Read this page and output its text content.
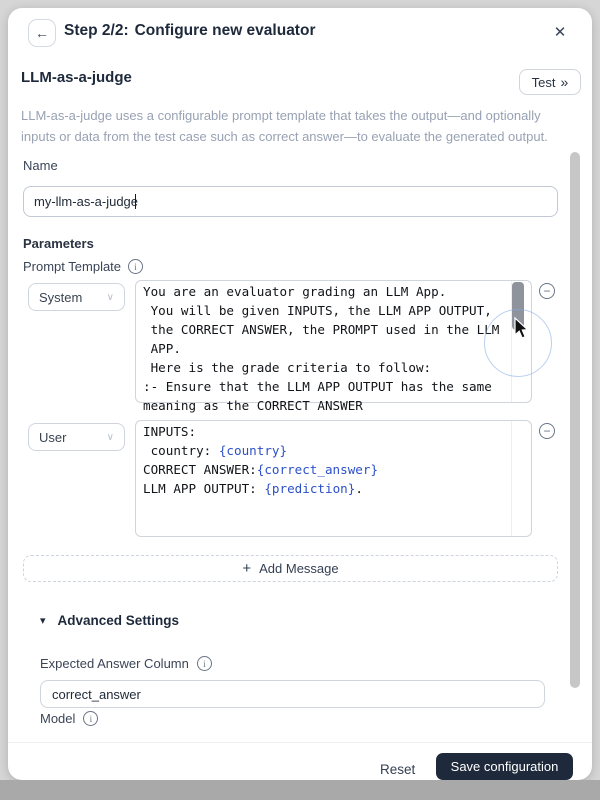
← Step 2/2: Configure new evaluator	✕
LLM-as-a-judge	Test »
LLM-as-a-judge uses a configurable prompt template that takes the output—and optionally inputs or data from the test case such as correct answer—to evaluate the generated output.
Name
my-llm-as-a-judge
Parameters
Prompt Template	i
System ∨ You are an evaluator grading an LLM App.
You will be given INPUTS, the LLM APP OUTPUT,
the CORRECT ANSWER, the PROMPT used in the LLM
APP.
Here is the grade criteria to follow:
:- Ensure that the LLM APP OUTPUT has the same
meaning as the CORRECT ANSWER
−
User	∨ INPUTS:
country: {country}
CORRECT ANSWER:{correct_answer}
LLM APP OUTPUT: {prediction}.
−
+ Add Message
▾ Advanced Settings
Expected Answer Column	i
correct_answer
Model	i
Reset	Save configuration
